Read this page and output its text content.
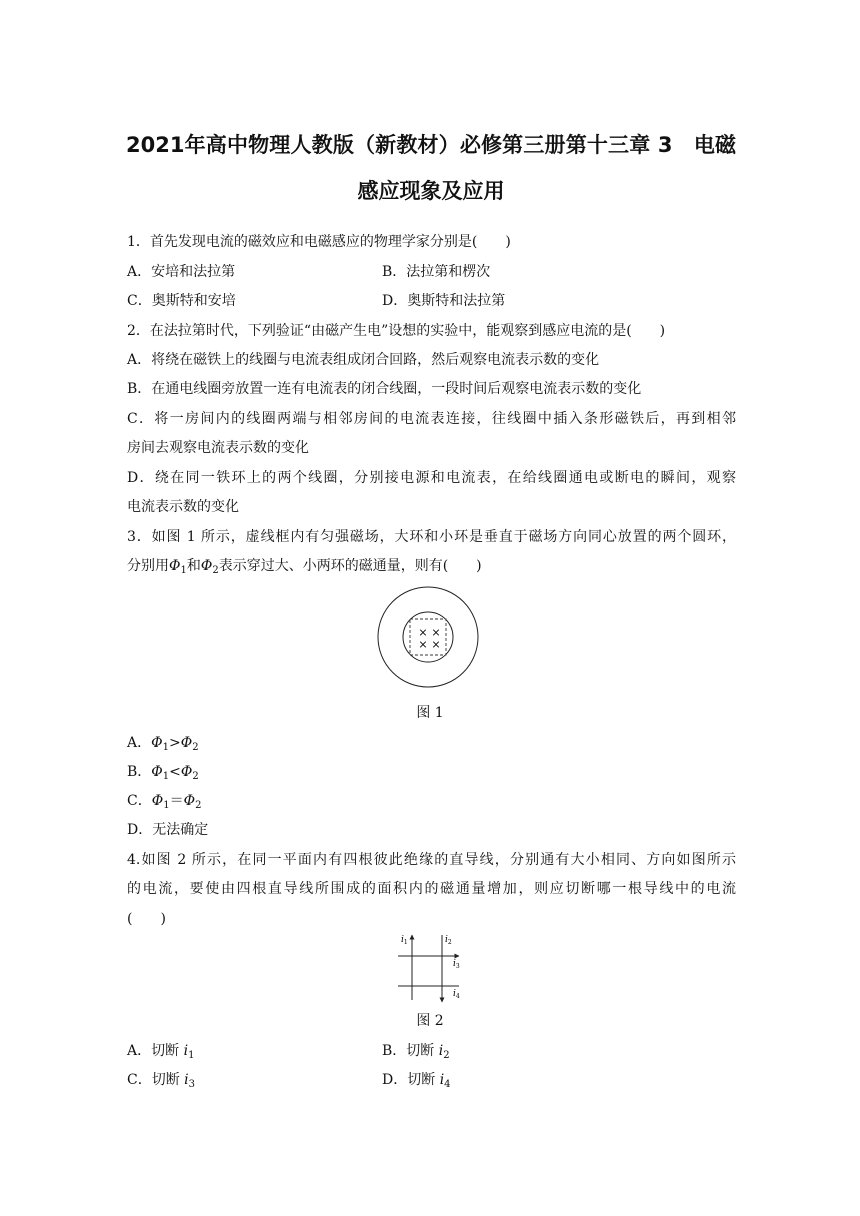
2021年高中物理人教版（新教材）必修第三册第十三章 3　电磁
感应现象及应用
1．首先发现电流的磁效应和电磁感应的物理学家分别是(　　)
A．安培和法拉第	B．法拉第和楞次
C．奥斯特和安培	D．奥斯特和法拉第
2．在法拉第时代，下列验证“由磁产生电”设想的实验中，能观察到感应电流的是(　　)
A．将绕在磁铁上的线圈与电流表组成闭合回路，然后观察电流表示数的变化
B．在通电线圈旁放置一连有电流表的闭合线圈，一段时间后观察电流表示数的变化
C．将一房间内的线圈两端与相邻房间的电流表连接，往线圈中插入条形磁铁后，再到相邻
房间去观察电流表示数的变化
D．绕在同一铁环上的两个线圈，分别接电源和电流表，在给线圈通电或断电的瞬间，观察
电流表示数的变化
3．如图 1 所示，虚线框内有匀强磁场，大环和小环是垂直于磁场方向同心放置的两个圆环，
分别用$\Phi_1$和$\Phi_2$表示穿过大、小两环的磁通量，则有(　　)
× ×
× ×
图 1
A．$\Phi_1>\Phi_2$
B．$\Phi_1<\Phi_2$
C．$\Phi_1=\Phi_2$
D．无法确定
4.如图 2 所示，在同一平面内有四根彼此绝缘的直导线，分别通有大小相同、方向如图所示
的电流，要使由四根直导线所围成的面积内的磁通量增加，则应切断哪一根导线中的电流
(　　)
$i_1$	$i_2$
$i_3$
$i_4$
图 2
A．切断 $i_1$	B．切断 $i_2$
C．切断 $i_3$	D．切断 $i_4$
